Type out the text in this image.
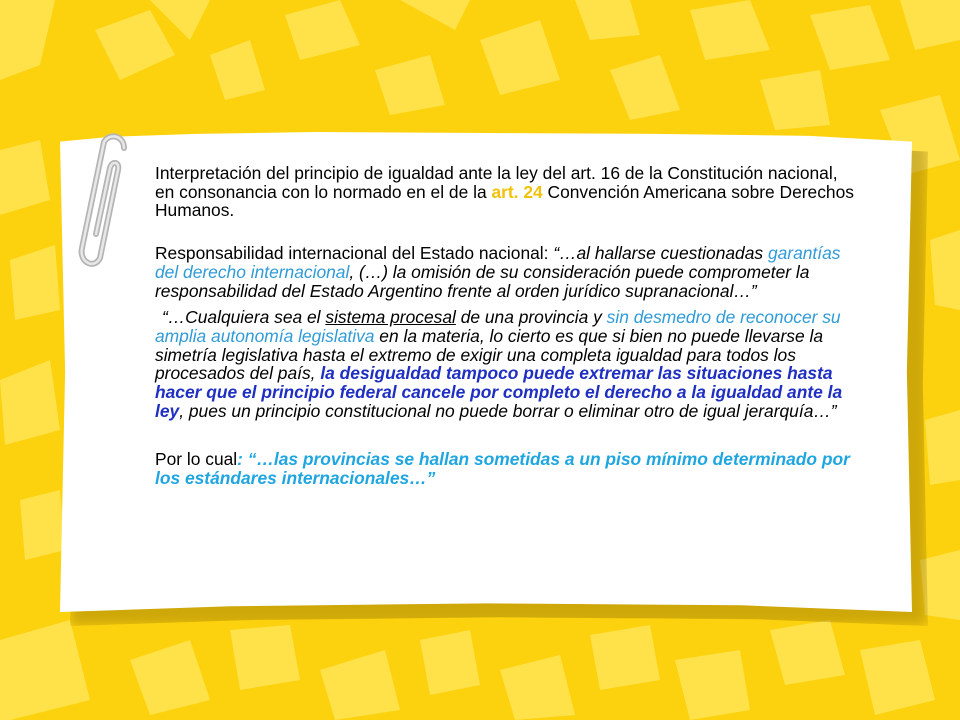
Interpretación del principio de igualdad ante la ley del art. 16 de la Constitución nacional, en consonancia con lo normado en el de la art. 24 Convención Americana sobre Derechos Humanos.

Responsabilidad internacional del Estado nacional: “…al hallarse cuestionadas garantías del derecho internacional, (…) la omisión de su consideración puede comprometer la responsabilidad del Estado Argentino frente al orden jurídico supranacional…”

“…Cualquiera sea el sistema procesal de una provincia y sin desmedro de reconocer su amplia autonomía legislativa en la materia, lo cierto es que si bien no puede llevarse la simetría legislativa hasta el extremo de exigir una completa igualdad para todos los procesados del país, la desigualdad tampoco puede extremar las situaciones hasta hacer que el principio federal cancele por completo el derecho a la igualdad ante la ley, pues un principio constitucional no puede borrar o eliminar otro de igual jerarquía…”

Por lo cual: “…las provincias se hallan sometidas a un piso mínimo determinado por los estándares internacionales…”
